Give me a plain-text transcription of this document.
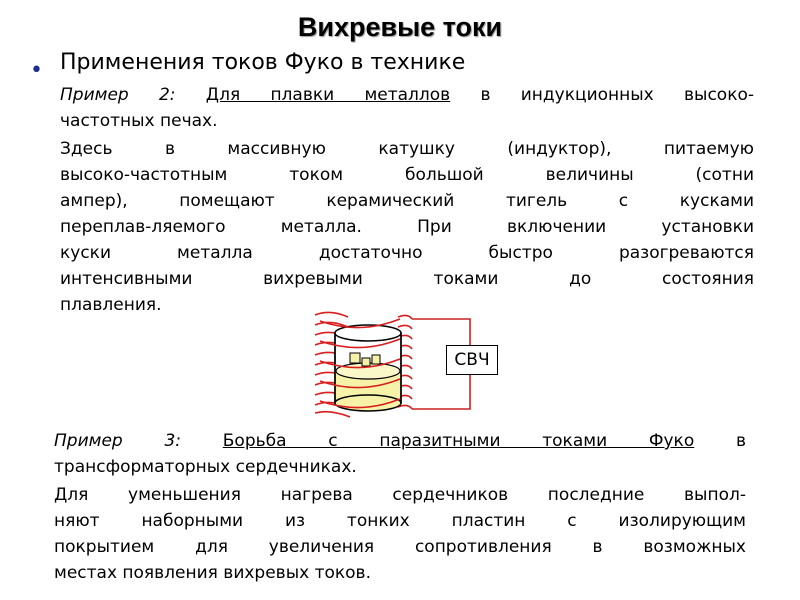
Вихревые токи
• Применения токов Фуко в технике
Пример 2: Для плавки металлов в индукционных высоко-
частотных печах.
Здесь в массивную катушку (индуктор), питаемую
высоко-частотным током большой величины (сотни
ампер), помещают керамический тигель с кусками
переплав-ляемого металла. При включении установки
куски металла достаточно быстро разогреваются
интенсивными вихревыми токами до состояния
плавления.
СВЧ
Пример 3: Борьба с паразитными токами Фуко в
трансформаторных сердечниках.
Для уменьшения нагрева сердечников последние выпол-
няют наборными из тонких пластин с изолирующим
покрытием для увеличения сопротивления в возможных
местах появления вихревых токов.
